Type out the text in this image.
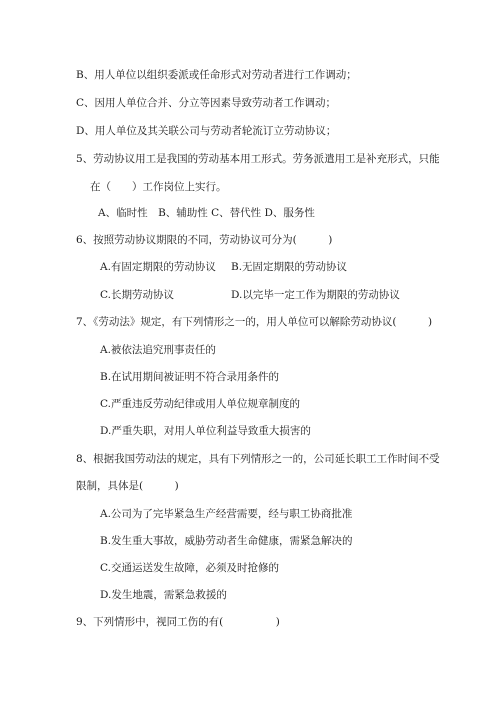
B、用人单位以组织委派或任命形式对劳动者进行工作调动；
C、因用人单位合并、分立等因素导致劳动者工作调动；
D、用人单位及其关联公司与劳动者轮流订立劳动协议；
5、劳动协议用工是我国的劳动基本用工形式。劳务派遣用工是补充形式，只能
在（　　）工作岗位上实行。
A、临时性　B、辅助性 C、替代性 D、服务性
6、按照劳动协议期限的不同，劳动协议可分为(　　　)
A.有固定期限的劳动协议 B.无固定期限的劳动协议
C.长期劳动协议	D.以完毕一定工作为期限的劳动协议
7、《劳动法》规定，有下列情形之一的，用人单位可以解除劳动协议(　　　)
A.被依法追究刑事责任的
B.在试用期间被证明不符合录用条件的
C.严重违反劳动纪律或用人单位规章制度的
D.严重失职，对用人单位利益导致重大损害的
8、根据我国劳动法的规定，具有下列情形之一的，公司延长职工工作时间不受
限制，具体是(　　　)
A.公司为了完毕紧急生产经营需要，经与职工协商批准
B.发生重大事故，威胁劳动者生命健康，需紧急解决的
C.交通运送发生故障，必须及时抢修的
D.发生地震，需紧急救援的
9、下列情形中，视同工伤的有(　　　　　)
